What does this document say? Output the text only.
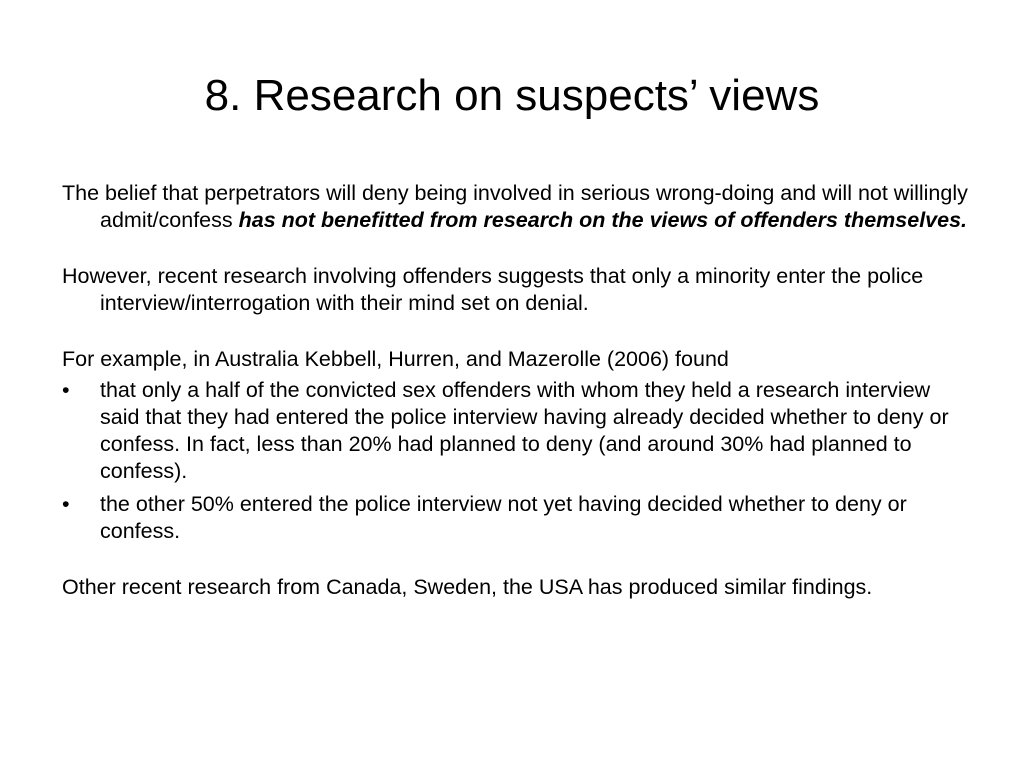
8. Research on suspects’ views

The belief that perpetrators will deny being involved in serious wrong-doing and will not willingly admit/confess has not benefitted from research on the views of offenders themselves.

However, recent research involving offenders suggests that only a minority enter the police interview/interrogation with their mind set on denial.

For example, in Australia Kebbell, Hurren, and Mazerolle (2006) found

•	that only a half of the convicted sex offenders with whom they held a research interview said that they had entered the police interview having already decided whether to deny or confess. In fact, less than 20% had planned to deny (and around 30% had planned to confess).
•	the other 50% entered the police interview not yet having decided whether to deny or confess.

Other recent research from Canada, Sweden, the USA has produced similar findings.
